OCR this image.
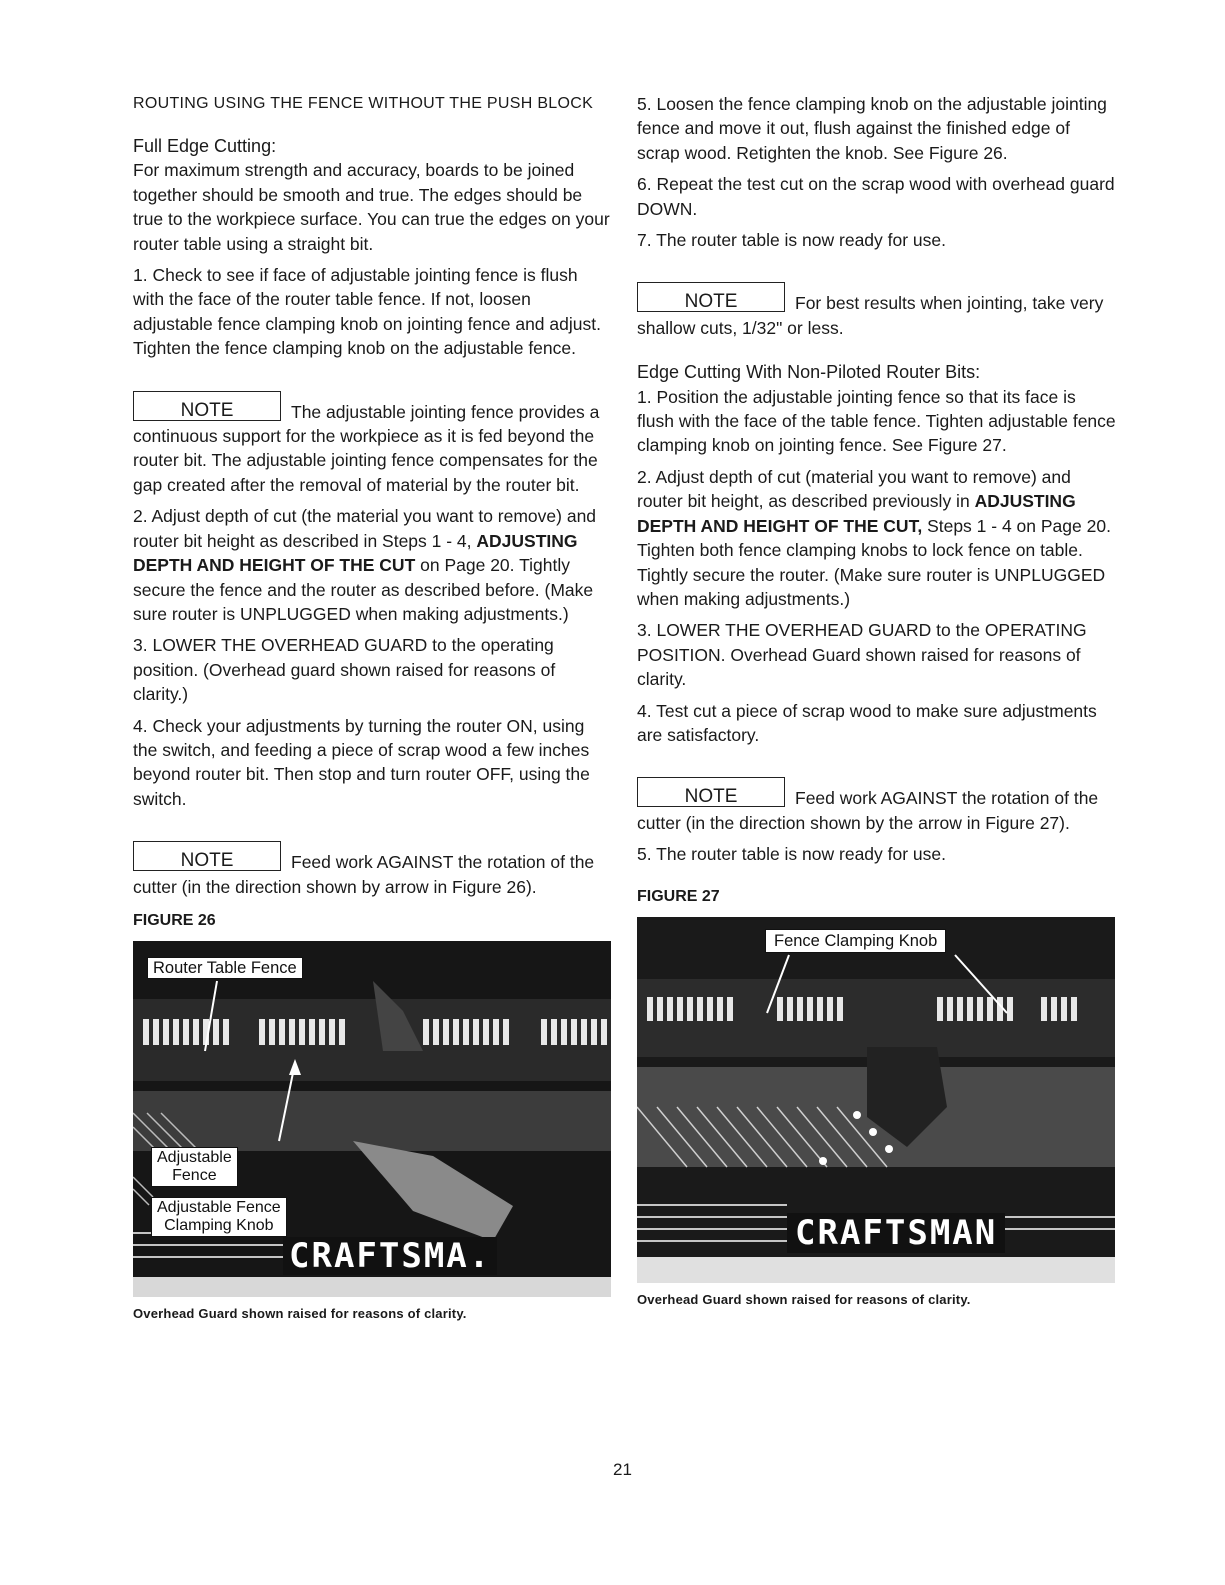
ROUTING USING THE FENCE WITHOUT THE PUSH BLOCK

Full Edge Cutting:

For maximum strength and accuracy, boards to be joined together should be smooth and true. The edges should be true to the workpiece surface. You can true the edges on your router table using a straight bit.

1. Check to see if face of adjustable jointing fence is flush with the face of the router table fence. If not, loosen adjustable fence clamping knob on jointing fence and adjust. Tighten the fence clamping knob on the adjustable fence.

NOTE	The adjustable jointing fence provides a continuous support for the workpiece as it is fed beyond the router bit. The adjustable jointing fence compensates for the gap created after the removal of material by the router bit.

2. Adjust depth of cut (the material you want to remove) and router bit height as described in Steps 1 - 4, ADJUSTING DEPTH AND HEIGHT OF THE CUT on Page 20. Tightly secure the fence and the router as described before. (Make sure router is UNPLUGGED when making adjustments.)

3. LOWER THE OVERHEAD GUARD to the operating position. (Overhead guard shown raised for reasons of clarity.)

4. Check your adjustments by turning the router ON, using the switch, and feeding a piece of scrap wood a few inches beyond router bit. Then stop and turn router OFF, using the switch.

NOTE	Feed work AGAINST the rotation of the cutter (in the direction shown by arrow in Figure 26).

FIGURE 26
Router Table Fence
Adjustable
Fence
Adjustable Fence
Clamping Knob
CRAFTSMA.
Overhead Guard shown raised for reasons of clarity.

5. Loosen the fence clamping knob on the adjustable jointing fence and move it out, flush against the finished edge of scrap wood. Retighten the knob. See Figure 26.

6. Repeat the test cut on the scrap wood with overhead guard DOWN.

7. The router table is now ready for use.

NOTE	For best results when jointing, take very shallow cuts, 1/32" or less.

Edge Cutting With Non-Piloted Router Bits:

1. Position the adjustable jointing fence so that its face is flush with the face of the table fence. Tighten adjustable fence clamping knob on jointing fence. See Figure 27.

2. Adjust depth of cut (material you want to remove) and router bit height, as described previously in ADJUSTING DEPTH AND HEIGHT OF THE CUT, Steps 1 - 4 on Page 20. Tighten both fence clamping knobs to lock fence on table. Tightly secure the router. (Make sure router is UNPLUGGED when making adjustments.)

3. LOWER THE OVERHEAD GUARD to the OPERATING POSITION. Overhead Guard shown raised for reasons of clarity.

4. Test cut a piece of scrap wood to make sure adjustments are satisfactory.

NOTE	Feed work AGAINST the rotation of the cutter (in the direction shown by the arrow in Figure 27).

5. The router table is now ready for use.

FIGURE 27
Fence Clamping Knob
CRAFTSMAN
Overhead Guard shown raised for reasons of clarity.
21
